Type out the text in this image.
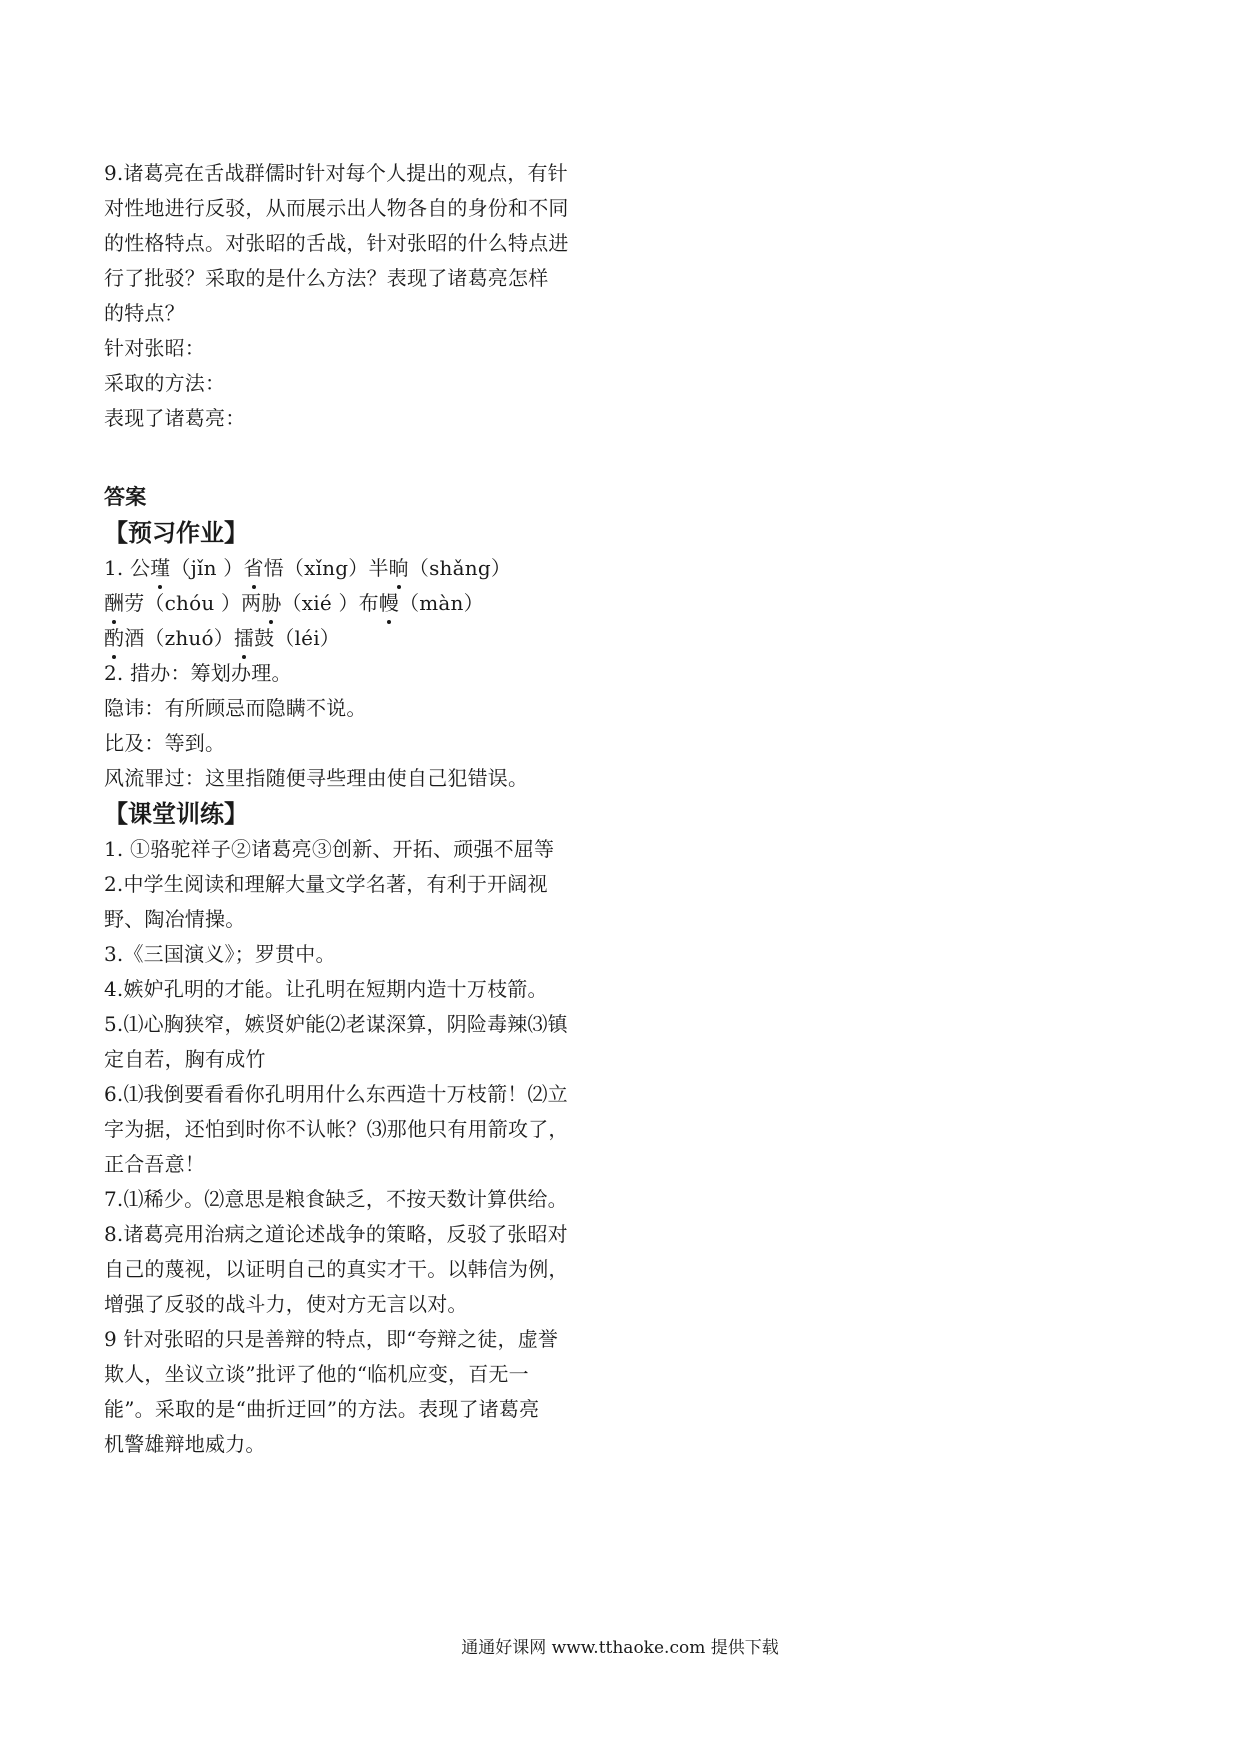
9.诸葛亮在舌战群儒时针对每个人提出的观点，有针
对性地进行反驳，从而展示出人物各自的身份和不同
的性格特点。对张昭的舌战，针对张昭的什么特点进
行了批驳？采取的是什么方法？表现了诸葛亮怎样
的特点？
针对张昭：
采取的方法：
表现了诸葛亮：
答案
【预习作业】
1. 公瑾（jǐn ）省悟（xǐng）半晌（shǎng）
酬劳（chóu ）两胁（xié ）布幔（màn）
酌酒（zhuó）擂鼓（léi）
2. 措办：筹划办理。
隐讳：有所顾忌而隐瞒不说。
比及：等到。
风流罪过：这里指随便寻些理由使自己犯错误。
【课堂训练】
1. ①骆驼祥子②诸葛亮③创新、开拓、顽强不屈等
2.中学生阅读和理解大量文学名著，有利于开阔视
野、陶冶情操。
3.《三国演义》；罗贯中。
4.嫉妒孔明的才能。让孔明在短期内造十万枝箭。
5.⑴心胸狭窄，嫉贤妒能⑵老谋深算，阴险毒辣⑶镇
定自若，胸有成竹
6.⑴我倒要看看你孔明用什么东西造十万枝箭！⑵立
字为据，还怕到时你不认帐？⑶那他只有用箭攻了，
正合吾意！
7.⑴稀少。⑵意思是粮食缺乏，不按天数计算供给。
8.诸葛亮用治病之道论述战争的策略，反驳了张昭对
自己的蔑视，以证明自己的真实才干。以韩信为例，
增强了反驳的战斗力，使对方无言以对。
9 针对张昭的只是善辩的特点，即“夸辩之徒，虚誉
欺人，坐议立谈”批评了他的“临机应变，百无一
能”。采取的是“曲折迂回”的方法。表现了诸葛亮
机警雄辩地威力。
通通好课网 www.tthaoke.com 提供下载
